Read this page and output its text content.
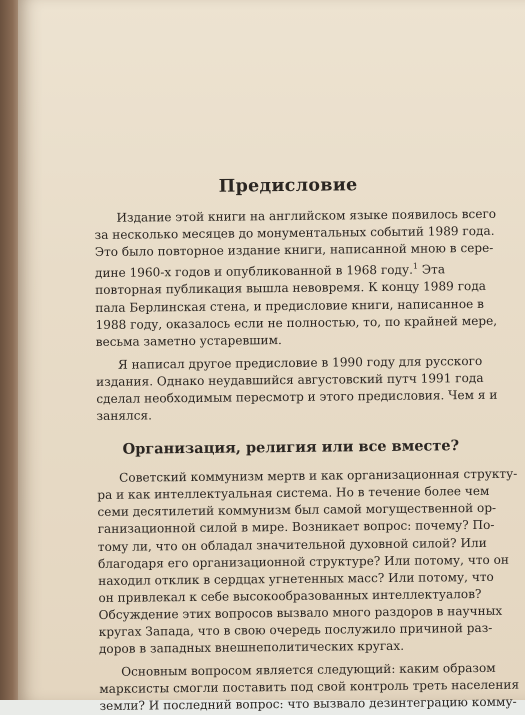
Предисловие
Издание этой книги на английском языке появилось всего
за несколько месяцев до монументальных событий 1989 года.
Это было повторное издание книги, написанной мною в сере-
дине 1960-х годов и опубликованной в 1968 году.$^1$ Эта
повторная публикация вышла невовремя. К концу 1989 года
пала Берлинская стена, и предисловие книги, написанное в
1988 году, оказалось если не полностью, то, по крайней мере,
весьма заметно устаревшим.
Я написал другое предисловие в 1990 году для русского
издания. Однако неудавшийся августовский путч 1991 года
сделал необходимым пересмотр и этого предисловия. Чем я и
занялся.
Организация, религия или все вместе?
Советский коммунизм мертв и как организационная структу-
ра и как интеллектуальная система. Но в течение более чем
семи десятилетий коммунизм был самой могущественной ор-
ганизационной силой в мире. Возникает вопрос: почему? По-
тому ли, что он обладал значительной духовной силой? Или
благодаря его организационной структуре? Или потому, что он
находил отклик в сердцах угнетенных масс? Или потому, что
он привлекал к себе высокообразованных интеллектуалов?
Обсуждение этих вопросов вызвало много раздоров в научных
кругах Запада, что в свою очередь послужило причиной раз-
доров в западных внешнеполитических кругах.
Основным вопросом является следующий: каким образом
марксисты смогли поставить под свой контроль треть населения
земли? И последний вопрос: что вызвало дезинтеграцию комму-
